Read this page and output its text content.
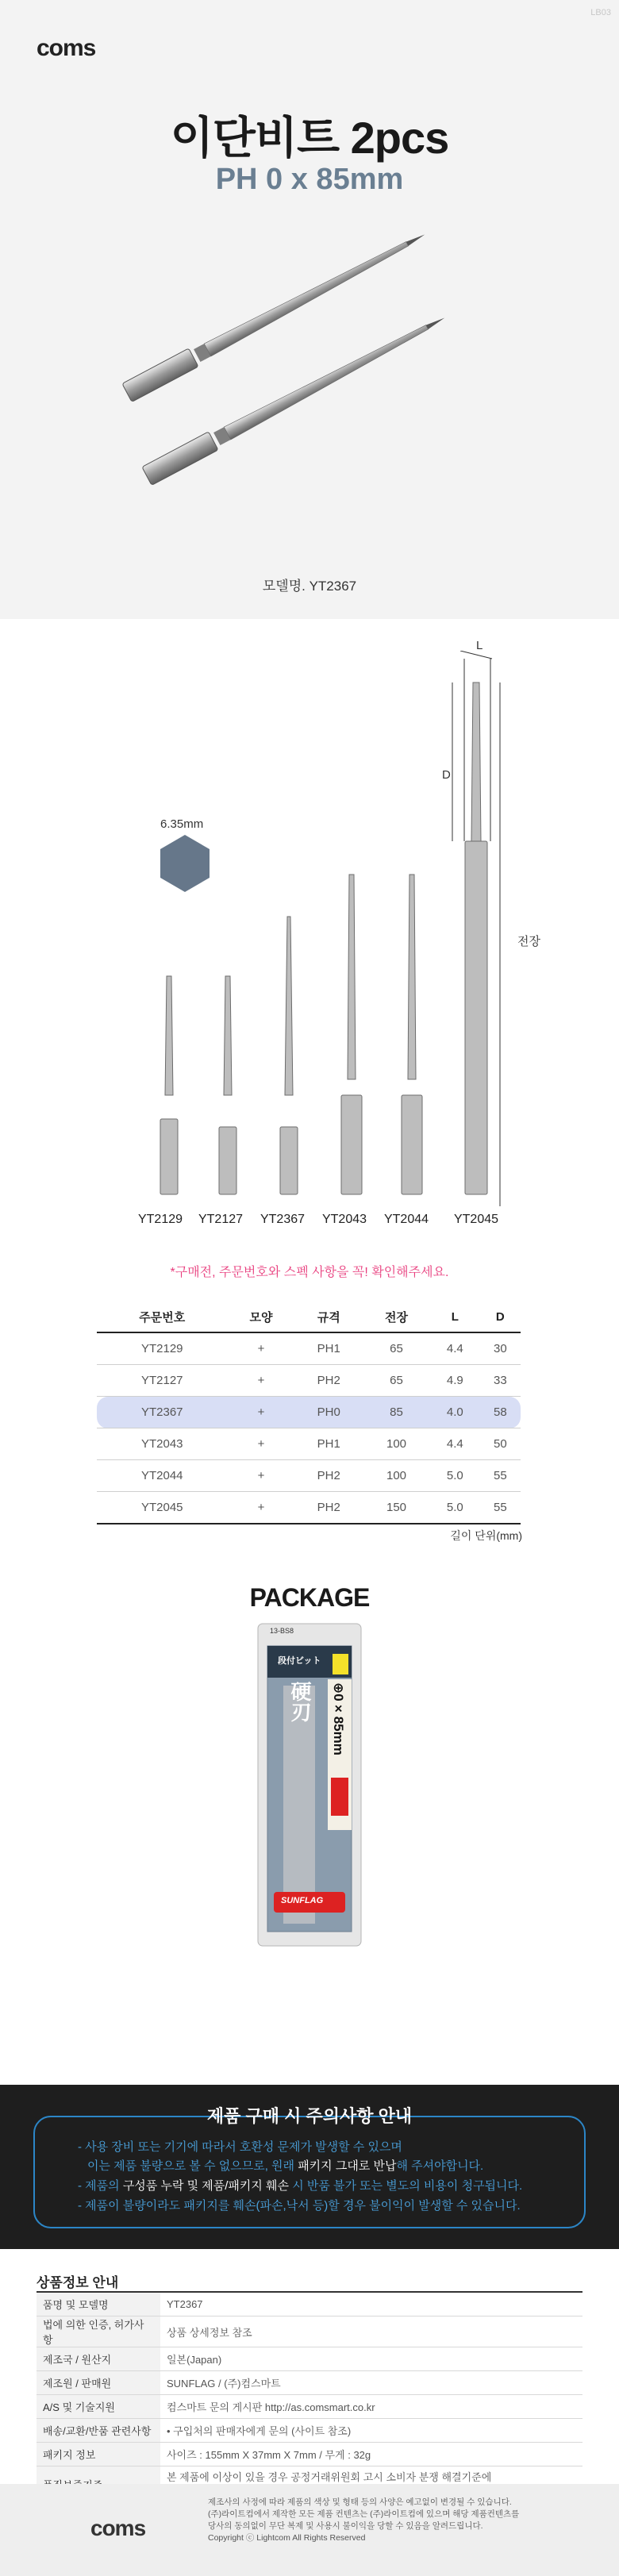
coms
LB03
이단비트 2pcs
PH 0 x 85mm
모델명. YT2367
6.35mm
L
D
전장
YT2129	YT2127	YT2367	YT2043	YT2044	YT2045
*구매전, 주문번호와 스펙 사항을 꼭! 확인해주세요.
주문번호	모양	규격	전장	L	D
YT2129	+	PH1	65	4.4	30
YT2127	+	PH2	65	4.9	33
YT2367	+	PH0	85	4.0	58
YT2043	+	PH1	100	4.4	50
YT2044	+	PH2	100	5.0	55
YT2045	+	PH2	150	5.0	55
길이 단위(mm)
PACKAGE
13-BS8
段付ビット
硬刃 ⊕0×85mm
SUNFLAG
제품 구매 시 주의사항 안내
- 사용 장비 또는 기기에 따라서 호환성 문제가 발생할 수 있으며
이는 제품 불량으로 볼 수 없으므로, 원래 패키지 그대로 반납해 주셔야합니다.
- 제품의 구성품 누락 및 제품/패키지 훼손 시 반품 불가 또는 별도의 비용이 청구됩니다.
- 제품이 불량이라도 패키지를 훼손(파손,낙서 등)할 경우 불이익이 발생할 수 있습니다.
상품정보 안내
품명 및 모델명	YT2367
법에 의한 인증, 허가사항	상품 상세정보 참조
제조국 / 원산지	일본(Japan)
제조원 / 판매원	SUNFLAG / (주)컴스마트
A/S 및 기술지원	컴스마트 문의 게시판 http://as.comsmart.co.kr
배송/교환/반품 관련사항	• 구입처의 판매자에게 문의 (사이트 참조)
패키지 정보	사이즈 : 155mm X 37mm X 7mm / 무게 : 32g
	본 제품에 이상이 있을 경우 공정거래위원회 고시 소비자 분쟁 해결기준에

coms
제조사의 사정에 따라 제품의 색상 및 형태 등의 사양은 예고없이 변경될 수 있습니다.
(주)라이트컴에서 제작한 모든 제품 컨텐츠는 (주)라이트컴에 있으며 해당 제품컨텐츠를
당사의 동의없이 무단 복제 및 사용시 불이익을 당할 수 있음을 알려드립니다.
Copyright ⓒ Lightcom All Rights Reserved
